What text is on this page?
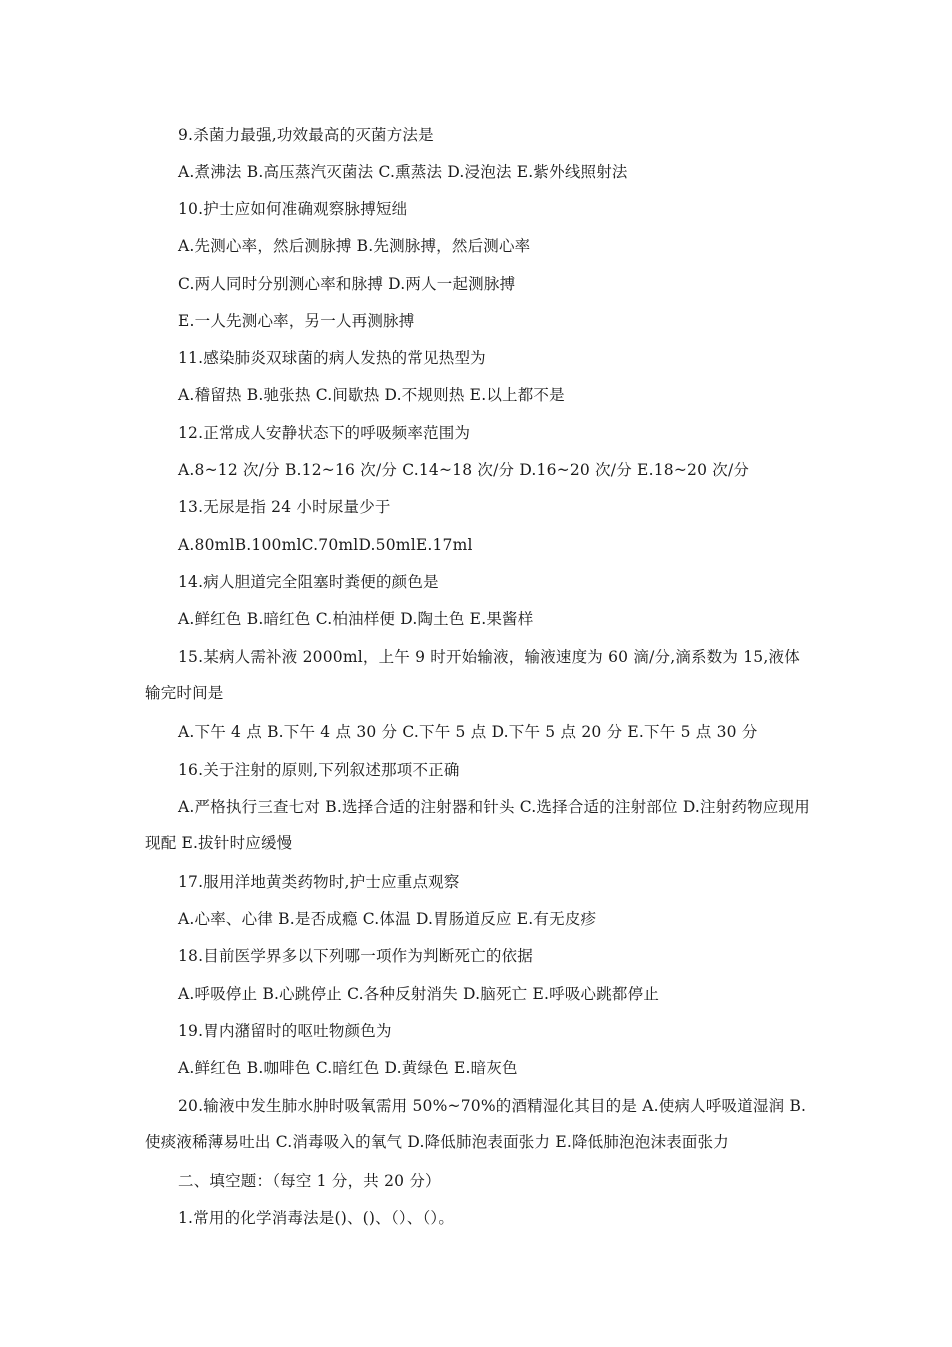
9.杀菌力最强,功效最高的灭菌方法是
A.煮沸法 B.高压蒸汽灭菌法 C.熏蒸法 D.浸泡法 E.紫外线照射法
10.护士应如何准确观察脉搏短绌
A.先测心率，然后测脉搏 B.先测脉搏，然后测心率
C.两人同时分别测心率和脉搏 D.两人一起测脉搏
E.一人先测心率，另一人再测脉搏
11.感染肺炎双球菌的病人发热的常见热型为
A.稽留热 B.驰张热 C.间歇热 D.不规则热 E.以上都不是
12.正常成人安静状态下的呼吸频率范围为
A.8~12 次/分 B.12~16 次/分 C.14~18 次/分 D.16~20 次/分 E.18~20 次/分
13.无尿是指 24 小时尿量少于
A.80mlB.100mlC.70mlD.50mlE.17ml
14.病人胆道完全阻塞时粪便的颜色是
A.鲜红色 B.暗红色 C.柏油样便 D.陶土色 E.果酱样
15.某病人需补液 2000ml，上午 9 时开始输液，输液速度为 60 滴/分,滴系数为 15,液体输完时间是
A.下午 4 点 B.下午 4 点 30 分 C.下午 5 点 D.下午 5 点 20 分 E.下午 5 点 30 分
16.关于注射的原则,下列叙述那项不正确
A.严格执行三查七对 B.选择合适的注射器和针头 C.选择合适的注射部位 D.注射药物应现用现配 E.拔针时应缓慢
17.服用洋地黄类药物时,护士应重点观察
A.心率、心律 B.是否成瘾 C.体温 D.胃肠道反应 E.有无皮疹
18.目前医学界多以下列哪一项作为判断死亡的依据
A.呼吸停止 B.心跳停止 C.各种反射消失 D.脑死亡 E.呼吸心跳都停止
19.胃内潴留时的呕吐物颜色为
A.鲜红色 B.咖啡色 C.暗红色 D.黄绿色 E.暗灰色
20.输液中发生肺水肿时吸氧需用 50%~70%的酒精湿化其目的是 A.使病人呼吸道湿润 B.使痰液稀薄易吐出 C.消毒吸入的氧气 D.降低肺泡表面张力 E.降低肺泡泡沫表面张力
二、填空题：（每空 1 分，共 20 分）
1.常用的化学消毒法是()、()、（）、（）。
